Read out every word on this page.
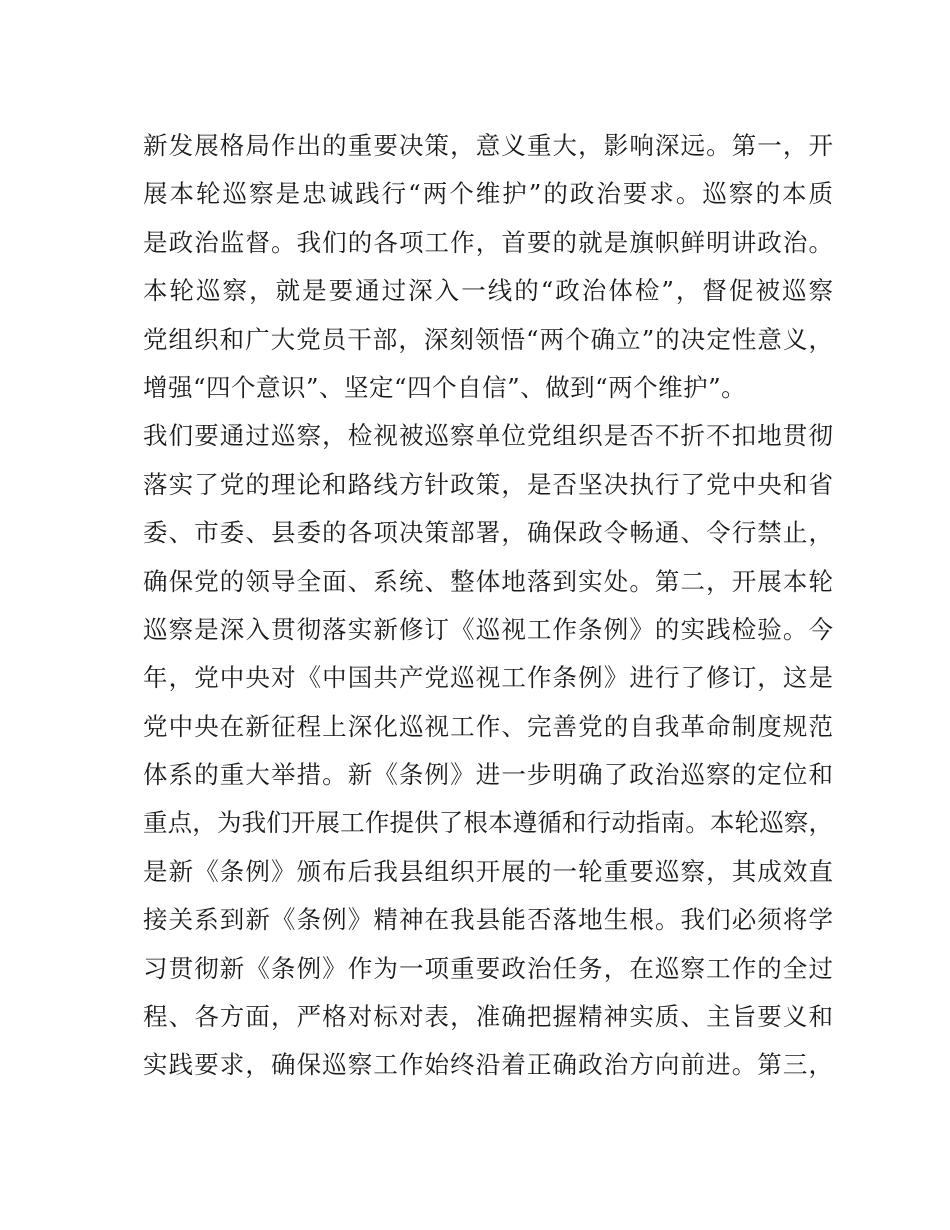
新发展格局作出的重要决策，意义重大，影响深远。第一，开
展本轮巡察是忠诚践行“两个维护”的政治要求。巡察的本质
是政治监督。我们的各项工作，首要的就是旗帜鲜明讲政治。
本轮巡察，就是要通过深入一线的“政治体检”，督促被巡察
党组织和广大党员干部，深刻领悟“两个确立”的决定性意义，
增强“四个意识”、坚定“四个自信”、做到“两个维护”。
我们要通过巡察，检视被巡察单位党组织是否不折不扣地贯彻
落实了党的理论和路线方针政策，是否坚决执行了党中央和省
委、市委、县委的各项决策部署，确保政令畅通、令行禁止，
确保党的领导全面、系统、整体地落到实处。第二，开展本轮
巡察是深入贯彻落实新修订《巡视工作条例》的实践检验。今
年，党中央对《中国共产党巡视工作条例》进行了修订，这是
党中央在新征程上深化巡视工作、完善党的自我革命制度规范
体系的重大举措。新《条例》进一步明确了政治巡察的定位和
重点，为我们开展工作提供了根本遵循和行动指南。本轮巡察，
是新《条例》颁布后我县组织开展的一轮重要巡察，其成效直
接关系到新《条例》精神在我县能否落地生根。我们必须将学
习贯彻新《条例》作为一项重要政治任务，在巡察工作的全过
程、各方面，严格对标对表，准确把握精神实质、主旨要义和
实践要求，确保巡察工作始终沿着正确政治方向前进。第三，
